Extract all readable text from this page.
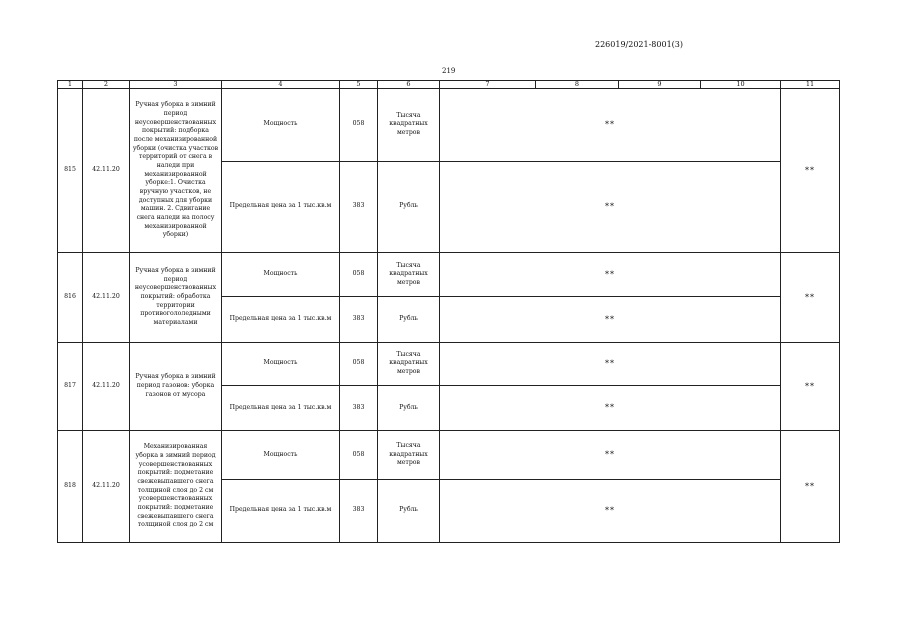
226019/2021-8001(3)
219
1	2	3	4	5	6	7	8	9	10	11
815	42.11.20	Ручная уборка в зимний период неусовершенствованных покрытий: подборка после механизированной уборки (очистка участков территорий от снега в наледи при механизированной уборке:1. Очистка вручную участков, не доступных для уборки машин. 2. Сдвигание снега наледи на полосу механизированной уборки)	Мощность	058	Тысяча квадратных метров	**				**
			Предельная цена за 1 тыс.кв.м	383	Рубль	**				
816	42.11.20	Ручная уборка в зимний период неусовершенствованных покрытий: обработка территории противогололедными материалами	Мощность	058	Тысяча квадратных метров	**				**
			Предельная цена за 1 тыс.кв.м	383	Рубль	**				
817	42.11.20	Ручная уборка в зимний период газонов: уборка газонов от мусора	Мощность	058	Тысяча квадратных метров	**				**
			Предельная цена за 1 тыс.кв.м	383	Рубль	**				
818	42.11.20	Механизированная уборка в зимний период усовершенствованных покрытий: подметание свежевыпавшего снега толщиной слоя до 2 см усовершенствованных покрытий: подметание свежевыпавшего снега толщиной слоя до 2 см	Мощность	058	Тысяча квадратных метров	**				**
			Предельная цена за 1 тыс.кв.м	383	Рубль	**				
